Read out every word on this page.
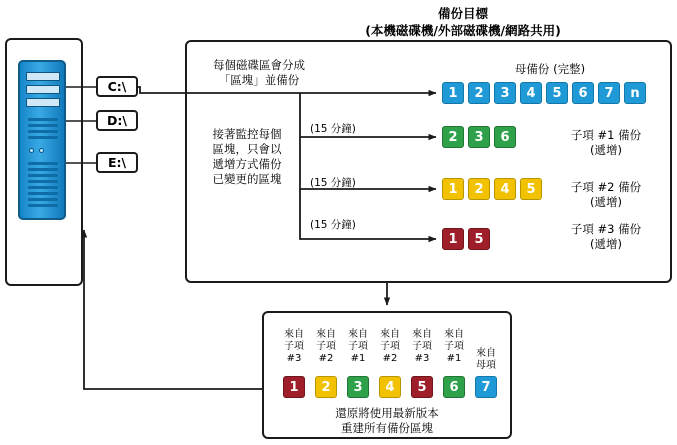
備份目標
(本機磁碟機/外部磁碟機/網路共用)
C:\
D:\
E:\
每個磁碟區會分成
「區塊」並備份
接著監控每個
區塊，只會以
遞增方式備份
已變更的區塊
(15 分鐘)
(15 分鐘)
(15 分鐘)
母備份 (完整)
子項 #1 備份
(遞增)
子項 #2 備份
(遞增)
子項 #3 備份
(遞增)
1	2	3	4	5	6	7	n
2	3	6
1	2	4	5
1	5
來自
子項
#3
來自
子項
#2
來自
子項
#1
來自
子項
#2
來自
子項
#3
來自
子項
#1	來自
母項
1	2	3	4	5	6	7
還原將使用最新版本
重建所有備份區塊
